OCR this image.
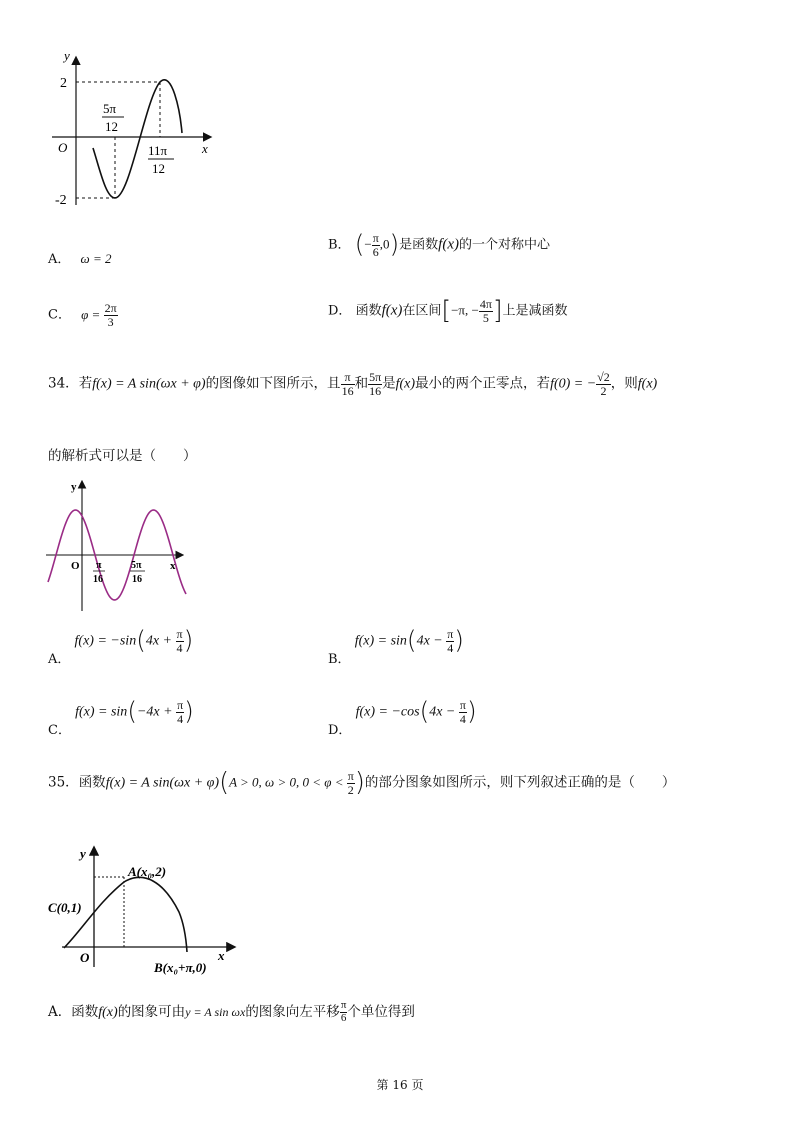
y
x
O
2
-2
5π
12
11π
12
A． ω = 2
B． (− $\frac{\pi}{6} ,0$)是函数f(x)的一个对称中心
C． $\varphi = \frac{2\pi}{3}$	D． 函数f(x)在区间[−π, − $\frac{4\pi}{5}$ ]上是减函数
34．若f(x) = A sin(ωx + φ)的图像如下图所示，且 $\frac{\pi}{16}$ 和 $\frac{5\pi}{16}$ 是f(x)最小的两个正零点，若f(0) = − $\frac{√2}{2}$ ，则f(x)
的解析式可以是（　　）
y
x
O π
16
5π
16
A． $f(x) = -\sin(4x + \frac{\pi}{4}$ )
B． $f(x) = \sin(4x - \frac{\pi}{4}$ )
C． $f(x) = \sin(-4x + \frac{\pi}{4}$ )
D． $f(x) = -\cos(4x - \frac{\pi}{4}$ )
35．函数f(x) = A sin(ωx + φ)(A > 0, ω > 0, $0 < \varphi < \frac{\pi}{2}$ )的部分图象如图所示，则下列叙述正确的是（　　）
y
x
O
A(x₀,2)
C(0,1)
B(x₀+π,0)
A．函数f(x)的图象可由y = A sin ωx的图象向左平移 $\frac{\pi}{6}$ 个单位得到
第 16 页
